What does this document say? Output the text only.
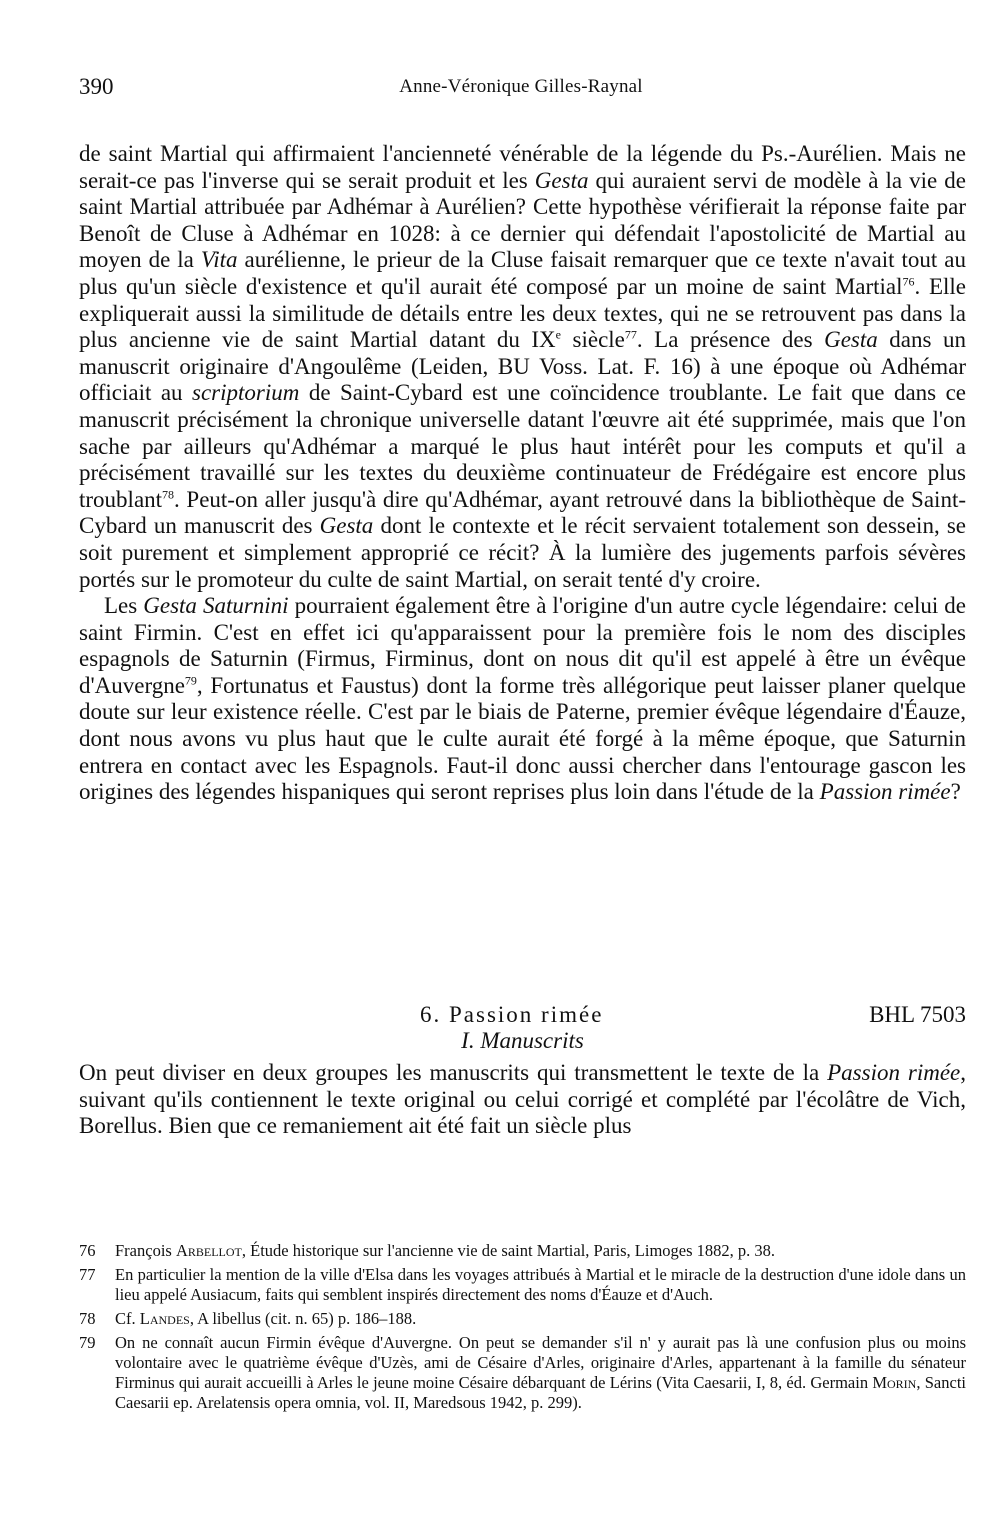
390	Anne-Véronique Gilles-Raynal

de saint Martial qui affirmaient l'ancienneté vénérable de la légende du Ps.-Aurélien. Mais ne serait-ce pas l'inverse qui se serait produit et les Gesta qui auraient servi de modèle à la vie de saint Martial attribuée par Adhémar à Aurélien? Cette hypothèse vérifierait la réponse faite par Benoît de Cluse à Adhémar en 1028: à ce dernier qui défendait l'apostolicité de Martial au moyen de la Vita aurélienne, le prieur de la Cluse faisait remarquer que ce texte n'avait tout au plus qu'un siècle d'existence et qu'il aurait été composé par un moine de saint Martial$^{76}$. Elle expliquerait aussi la similitude de détails entre les deux textes, qui ne se retrouvent pas dans la plus ancienne vie de saint Martial datant du IXe siècle$^{77}$. La présence des Gesta dans un manuscrit originaire d'Angoulême (Leiden, BU Voss. Lat. F. 16) à une époque où Adhémar officiait au scriptorium de Saint-Cybard est une coïncidence troublante. Le fait que dans ce manuscrit précisément la chronique universelle datant l'œuvre ait été supprimée, mais que l'on sache par ailleurs qu'Adhémar a marqué le plus haut intérêt pour les computs et qu'il a précisément travaillé sur les textes du deuxième continuateur de Frédégaire est encore plus troublant$^{78}$. Peut-on aller jusqu'à dire qu'Adhémar, ayant retrouvé dans la bibliothèque de Saint-Cybard un manuscrit des Gesta dont le contexte et le récit servaient totalement son dessein, se soit purement et simplement approprié ce récit? À la lumière des jugements parfois sévères portés sur le promoteur du culte de saint Martial, on serait tenté d'y croire.

Les Gesta Saturnini pourraient également être à l'origine d'un autre cycle légendaire: celui de saint Firmin. C'est en effet ici qu'apparaissent pour la première fois le nom des disciples espagnols de Saturnin (Firmus, Firminus, dont on nous dit qu'il est appelé à être un évêque d'Auvergne$^{79}$, Fortunatus et Faustus) dont la forme très allégorique peut laisser planer quelque doute sur leur existence réelle. C'est par le biais de Paterne, premier évêque légendaire d'Éauze, dont nous avons vu plus haut que le culte aurait été forgé à la même époque, que Saturnin entrera en contact avec les Espagnols. Faut-il donc aussi chercher dans l'entourage gascon les origines des légendes hispaniques qui seront reprises plus loin dans l'étude de la Passion rimée?

6. Passion rimée	BHL 7503
I. Manuscrits

On peut diviser en deux groupes les manuscrits qui transmettent le texte de la Passion rimée, suivant qu'ils contiennent le texte original ou celui corrigé et complété par l'écolâtre de Vich, Borellus. Bien que ce remaniement ait été fait un siècle plus

76	François Arbellot, Étude historique sur l'ancienne vie de saint Martial, Paris, Limoges 1882, p. 38.
77	En particulier la mention de la ville d'Elsa dans les voyages attribués à Martial et le miracle de la destruction d'une idole dans un lieu appelé Ausiacum, faits qui semblent inspirés directement des noms d'Éauze et d'Auch.
78	Cf. Landes, A libellus (cit. n. 65) p. 186–188.
79	On ne connaît aucun Firmin évêque d'Auvergne. On peut se demander s'il n' y aurait pas là une confusion plus ou moins volontaire avec le quatrième évêque d'Uzès, ami de Césaire d'Arles, originaire d'Arles, appartenant à la famille du sénateur Firminus qui aurait accueilli à Arles le jeune moine Césaire débarquant de Lérins (Vita Caesarii, I, 8, éd. Germain Morin, Sancti Caesarii ep. Arelatensis opera omnia, vol. II, Maredsous 1942, p. 299).
